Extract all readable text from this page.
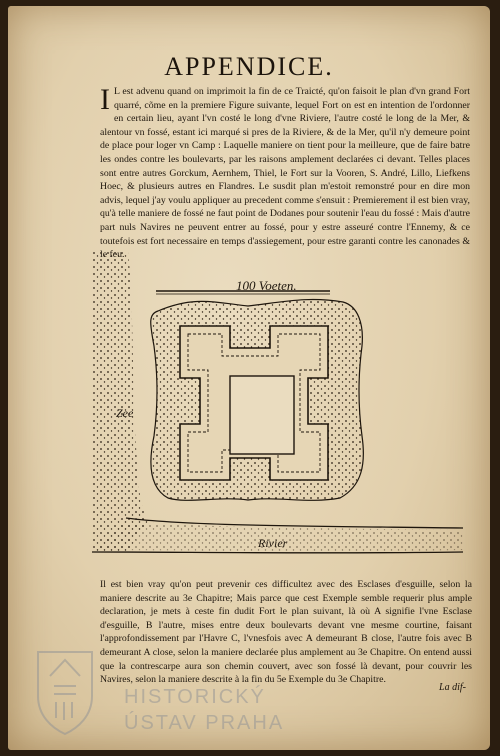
APPENDICE.

I L est advenu quand on imprimoit la fin de ce Traicté, qu'on faisoit le plan d'vn grand Fort quarré, cõme en la premiere Figure suivante, lequel Fort on est en intention de l'ordonner en certain lieu, ayant l'vn costé le long d'vne Riviere, l'autre costé le long de la Mer, & alentour vn fossé, estant ici marqué si pres de la Riviere, & de la Mer, qu'il n'y demeure point de place pour loger vn Camp : Laquelle maniere on tient pour la meilleure, que de faire batre les ondes contre les boulevarts, par les raisons amplement declarées ci devant. Telles places sont entre autres Gorckum, Aernhem, Thiel, le Fort sur la Vooren, S. André, Lillo, Liefkens Hoec, & plusieurs autres en Flandres. Le susdit plan m'estoit remonstré pour en dire mon advis, lequel j'ay voulu appliquer au precedent comme s'ensuit : Premierement il est bien vray, qu'à telle maniere de fossé ne faut point de Dodanes pour soutenir l'eau du fossé : Mais d'autre part nuls Navires ne peuvent entrer au fossé, pour y estre asseuré contre l'Ennemy, & ce toutefois est fort necessaire en temps d'assiegement, pour estre garanti contre les canonades &

100 Voeten.
Zee
Rivier

Il est bien vray qu'on peut prevenir ces difficultez avec des Esclases d'esguille, selon la maniere descrite au 3e Chapitre; Mais parce que cest Exemple semble requerir plus ample declaration, je mets à ceste fin dudit Fort le plan suivant, là où A signifie l'vne Esclase d'esguille, B l'autre, mises entre deux boulevarts devant vne mesme courtine, faisant l'approfondissement par l'Havre C, l'vnesfois avec A demeurant B close, l'autre fois avec B demeurant A close, selon la maniere declarée plus amplement au 3e Chapitre. On entend aussi que la contrescarpe aura son chemin couvert, avec son fossé là devant, pour couvrir les Navires, selon la maniere descrite à la fin du 5e Exemple du 3e Chapitre.

La dif-
HISTORICKÝ
ÚSTAV PRAHA
